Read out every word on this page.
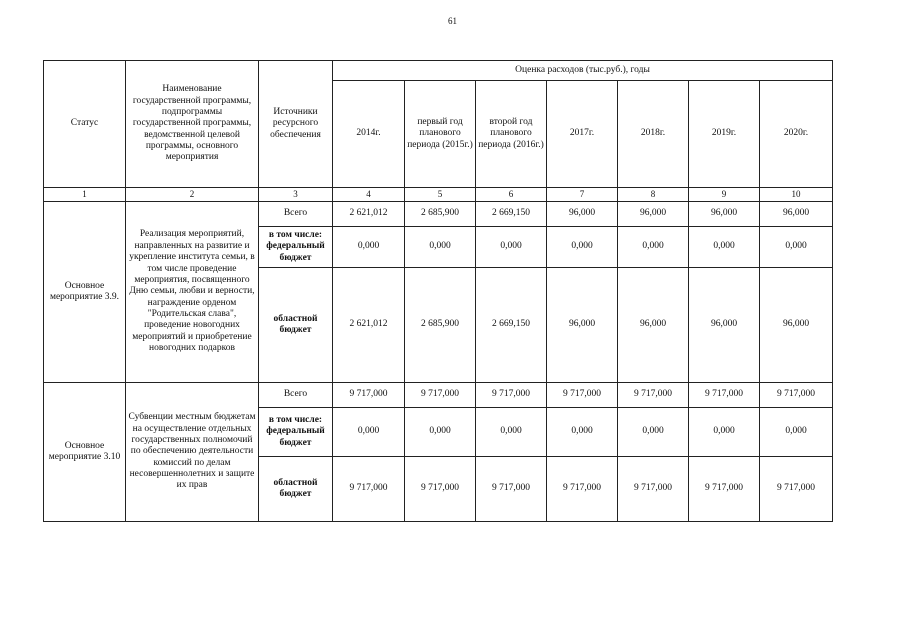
61
Статус	Наименование государственной программы, подпрограммы государственной программы, ведомственной целевой программы, основного мероприятия	Источники ресурсного обеспечения	Оценка расходов (тыс.руб.), годы						
			2014г.	первый год планового периода (2015г.)	второй год планового периода (2016г.)	2017г.	2018г.	2019г.	2020г.
1	2	3	4	5	6	7	8	9	10
Основное мероприятие 3.9.	Реализация мероприятий, направленных на развитие и укрепление института семьи, в том числе проведение мероприятия, посвященного Дню семьи, любви и верности, награждение орденом "Родительская слава", проведение новогодних мероприятий и приобретение новогодних подарков	Всего	2 621,012	2 685,900	2 669,150	96,000	96,000	96,000	96,000
		в том числе: федеральный бюджет	0,000	0,000	0,000	0,000	0,000	0,000	0,000
		областной бюджет	2 621,012	2 685,900	2 669,150	96,000	96,000	96,000	96,000
Основное мероприятие 3.10	Субвенции местным бюджетам на осуществление отдельных государственных полномочий по обеспечению деятельности комиссий по делам несовершеннолетних и защите их прав	Всего	9 717,000	9 717,000	9 717,000	9 717,000	9 717,000	9 717,000	9 717,000
		в том числе: федеральный бюджет	0,000	0,000	0,000	0,000	0,000	0,000	0,000
		областной бюджет	9 717,000	9 717,000	9 717,000	9 717,000	9 717,000	9 717,000	9 717,000
